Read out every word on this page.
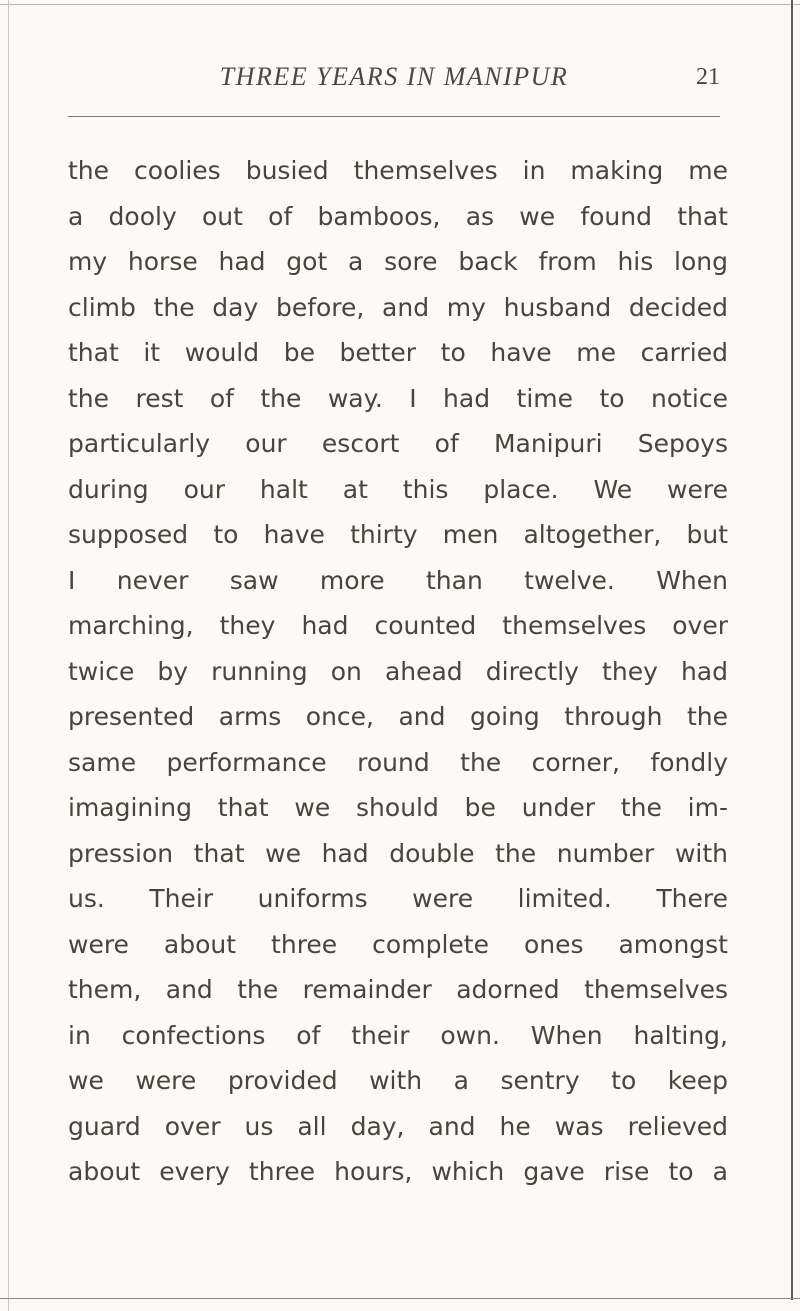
THREE YEARS IN MANIPUR	21
the coolies busied themselves in making me
a dooly out of bamboos, as we found that
my horse had got a sore back from his long
climb the day before, and my husband decided
that it would be better to have me carried
the rest of the way. I had time to notice
particularly our escort of Manipuri Sepoys
during our halt at this place. We were
supposed to have thirty men altogether, but
I never saw more than twelve. When
marching, they had counted themselves over
twice by running on ahead directly they had
presented arms once, and going through the
same performance round the corner, fondly
imagining that we should be under the im-
pression that we had double the number with
us. Their uniforms were limited. There
were about three complete ones amongst
them, and the remainder adorned themselves
in confections of their own. When halting,
we were provided with a sentry to keep
guard over us all day, and he was relieved
about every three hours, which gave rise to a
